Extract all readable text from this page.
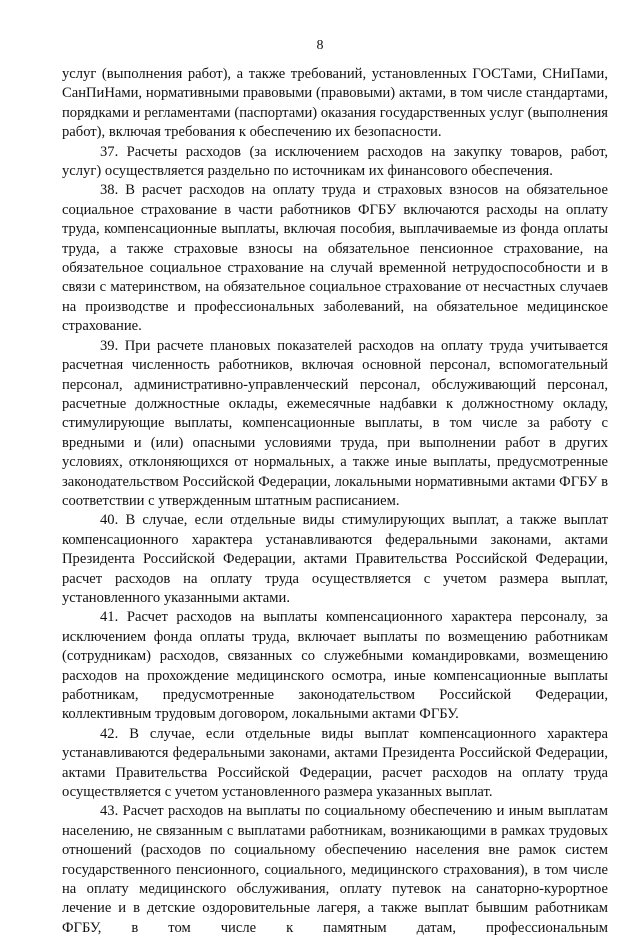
8

услуг (выполнения работ), а также требований, установленных ГОСТами, СНиПами, СанПиНами, нормативными правовыми (правовыми) актами, в том числе стандартами, порядками и регламентами (паспортами) оказания государственных услуг (выполнения работ), включая требования к обеспечению их безопасности.

37. Расчеты расходов (за исключением расходов на закупку товаров, работ, услуг) осуществляется раздельно по источникам их финансового обеспечения.

38. В расчет расходов на оплату труда и страховых взносов на обязательное социальное страхование в части работников ФГБУ включаются расходы на оплату труда, компенсационные выплаты, включая пособия, выплачиваемые из фонда оплаты труда, а также страховые взносы на обязательное пенсионное страхование, на обязательное социальное страхование на случай временной нетрудоспособности и в связи с материнством, на обязательное социальное страхование от несчастных случаев на производстве и профессиональных заболеваний, на обязательное медицинское страхование.

39. При расчете плановых показателей расходов на оплату труда учитывается расчетная численность работников, включая основной персонал, вспомогательный персонал, административно-управленческий персонал, обслуживающий персонал, расчетные должностные оклады, ежемесячные надбавки к должностному окладу, стимулирующие выплаты, компенсационные выплаты, в том числе за работу с вредными и (или) опасными условиями труда, при выполнении работ в других условиях, отклоняющихся от нормальных, а также иные выплаты, предусмотренные законодательством Российской Федерации, локальными нормативными актами ФГБУ в соответствии с утвержденным штатным расписанием.

40. В случае, если отдельные виды стимулирующих выплат, а также выплат компенсационного характера устанавливаются федеральными законами, актами Президента Российской Федерации, актами Правительства Российской Федерации, расчет расходов на оплату труда осуществляется с учетом размера выплат, установленного указанными актами.

41. Расчет расходов на выплаты компенсационного характера персоналу, за исключением фонда оплаты труда, включает выплаты по возмещению работникам (сотрудникам) расходов, связанных со служебными командировками, возмещению расходов на прохождение медицинского осмотра, иные компенсационные выплаты работникам, предусмотренные законодательством Российской Федерации, коллективным трудовым договором, локальными актами ФГБУ.

42. В случае, если отдельные виды выплат компенсационного характера устанавливаются федеральными законами, актами Президента Российской Федерации, актами Правительства Российской Федерации, расчет расходов на оплату труда осуществляется с учетом установленного размера указанных выплат.

43. Расчет расходов на выплаты по социальному обеспечению и иным выплатам населению, не связанным с выплатами работникам, возникающими в рамках трудовых отношений (расходов по социальному обеспечению населения вне рамок систем государственного пенсионного, социального, медицинского страхования), в том числе на оплату медицинского обслуживания, оплату путевок на санаторно-курортное лечение и в детские оздоровительные лагеря, а также выплат бывшим работникам ФГБУ, в том числе к памятным датам, профессиональным
